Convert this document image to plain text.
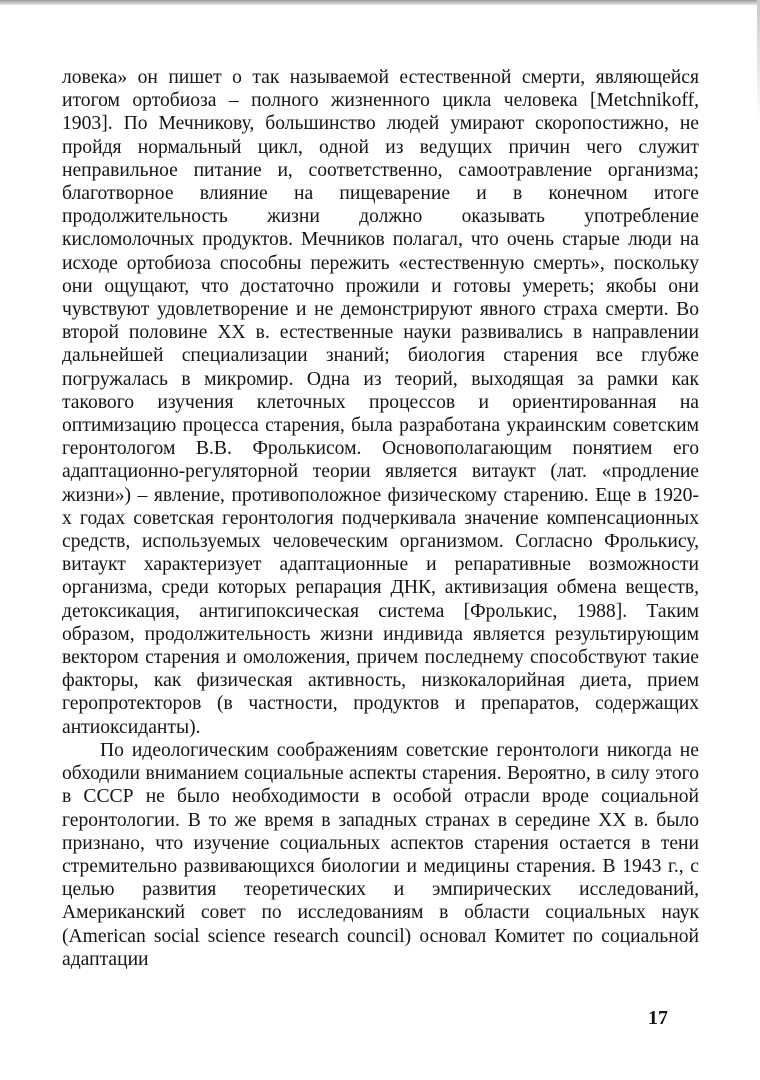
ловека» он пишет о так называемой естественной смерти, являющейся итогом ортобиоза – полного жизненного цикла человека [Metchnikoff, 1903]. По Мечникову, большинство людей умирают скоропостижно, не пройдя нормальный цикл, одной из ведущих причин чего служит неправильное питание и, соответственно, самоотравление организма; благотворное влияние на пищеварение и в конечном итоге продолжительность жизни должно оказывать употребление кисломолочных продуктов. Мечников полагал, что очень старые люди на исходе ортобиоза способны пережить «естественную смерть», поскольку они ощущают, что достаточно прожили и готовы умереть; якобы они чувствуют удовлетворение и не демонстрируют явного страха смерти. Во второй половине XX в. естественные науки развивались в направлении дальнейшей специализации знаний; биология старения все глубже погружалась в микромир. Одна из теорий, выходящая за рамки как такового изучения клеточных процессов и ориентированная на оптимизацию процесса старения, была разработана украинским советским геронтологом В.В. Фролькисом. Основополагающим понятием его адаптационно-регуляторной теории является витаукт (лат. «продление жизни») – явление, противоположное физическому старению. Еще в 1920-х годах советская геронтология подчеркивала значение компенсационных средств, используемых человеческим организмом. Согласно Фролькису, витаукт характеризует адаптационные и репаративные возможности организма, среди которых репарация ДНК, активизация обмена веществ, детоксикация, антигипоксическая система [Фролькис, 1988]. Таким образом, продолжительность жизни индивида является результирующим вектором старения и омоложения, причем последнему способствуют такие факторы, как физическая активность, низкокалорийная диета, прием геропротекторов (в частности, продуктов и препаратов, содержащих антиоксиданты).

По идеологическим соображениям советские геронтологи никогда не обходили вниманием социальные аспекты старения. Вероятно, в силу этого в СССР не было необходимости в особой отрасли вроде социальной геронтологии. В то же время в западных странах в середине XX в. было признано, что изучение социальных аспектов старения остается в тени стремительно развивающихся биологии и медицины старения. В 1943 г., с целью развития теоретических и эмпирических исследований, Американский совет по исследованиям в области социальных наук (American social science research council) основал Комитет по социальной адаптации

17
